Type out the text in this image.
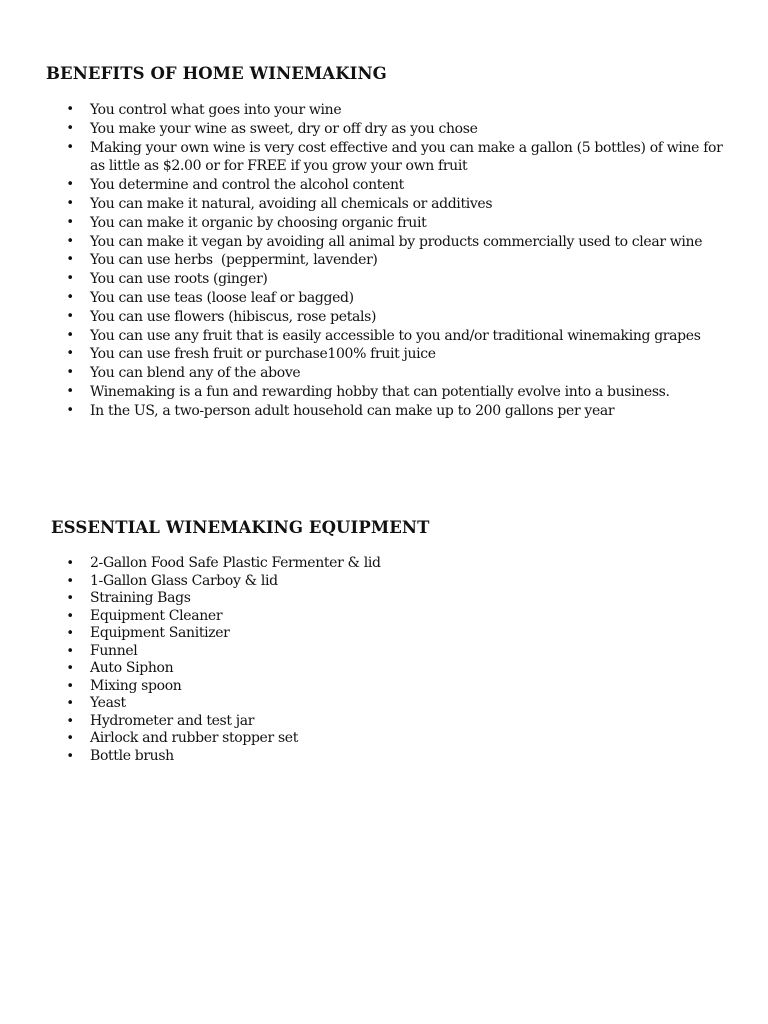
BENEFITS OF HOME WINEMAKING
• You control what goes into your wine
• You make your wine as sweet, dry or off dry as you chose
• Making your own wine is very cost effective and you can make a gallon (5 bottles) of wine for as little as $2.00 or for FREE if you grow your own fruit
• You determine and control the alcohol content
• You can make it natural, avoiding all chemicals or additives
• You can make it organic by choosing organic fruit
• You can make it vegan by avoiding all animal by products commercially used to clear wine
• You can use herbs  (peppermint, lavender)
• You can use roots (ginger)
• You can use teas (loose leaf or bagged)
• You can use flowers (hibiscus, rose petals)
• You can use any fruit that is easily accessible to you and/or traditional winemaking grapes
• You can use fresh fruit or purchase100% fruit juice
• You can blend any of the above
• Winemaking is a fun and rewarding hobby that can potentially evolve into a business.
• In the US, a two-person adult household can make up to 200 gallons per year
ESSENTIAL WINEMAKING EQUIPMENT
• 2-Gallon Food Safe Plastic Fermenter & lid
• 1-Gallon Glass Carboy & lid
• Straining Bags
• Equipment Cleaner
• Equipment Sanitizer
• Funnel
• Auto Siphon
• Mixing spoon
• Yeast
• Hydrometer and test jar
• Airlock and rubber stopper set
• Bottle brush
